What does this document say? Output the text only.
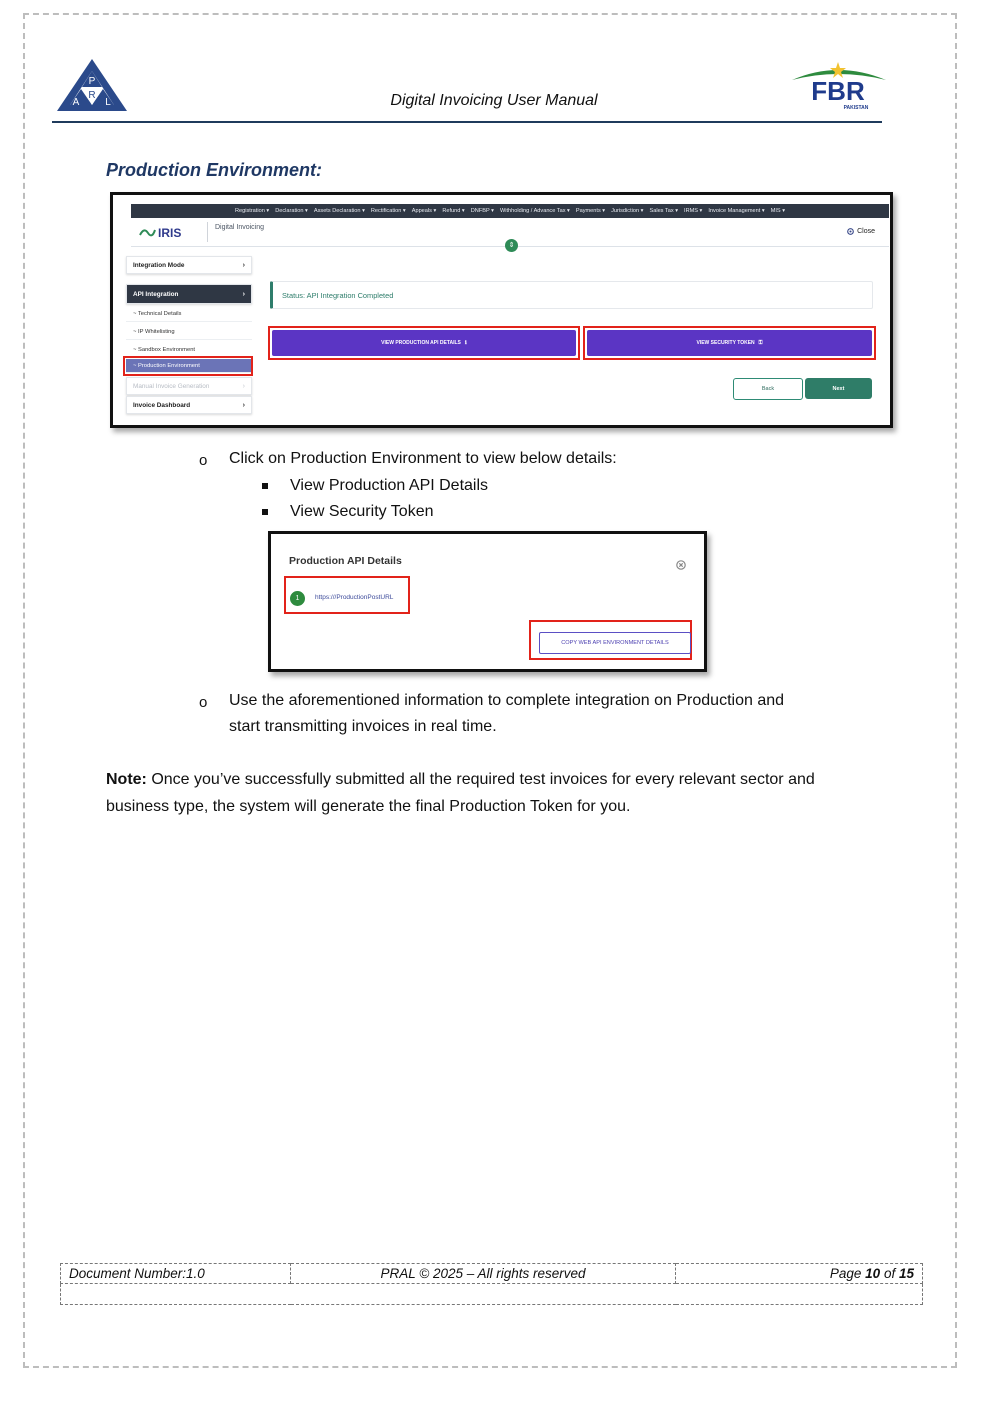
P
A
R
L	FBR
PAKISTAN
Digital Invoicing User Manual
Production Environment:
Registration ▾ Declaration ▾ Assets Declaration ▾ Rectification ▾ Appeals ▾ Refund ▾ DNFBP ▾ Withholding / Advance Tax ▾ Payments ▾ Jurisdiction ▾ Sales Tax ▾ IRMS ▾ Invoice Management ▾ MIS ▾
IRIS	Digital Invoicing
Close
⇕
Integration Mode	›
API Integration	›
~ Technical Details
~ IP Whitelisting
~ Sandbox Environment
~ Production Environment
Manual Invoice Generation	›
Invoice Dashboard	›
Status: API Integration Completed
VIEW PRODUCTION API DETAILS ℹ	VIEW SECURITY TOKEN ⚿
Back	Next
o Click on Production Environment to view below details:
View Production API Details
View Security Token
Production API Details
1	https:///ProductionPostURL
COPY WEB API ENVIRONMENT DETAILS
o Use the aforementioned information to complete integration on Production and
start transmitting invoices in real time.
Note: Once you’ve successfully submitted all the required test invoices for every relevant sector and
business type, the system will generate the final Production Token for you.
Document Number:1.0	PRAL © 2025 – All rights reserved	Page 10 of 15
